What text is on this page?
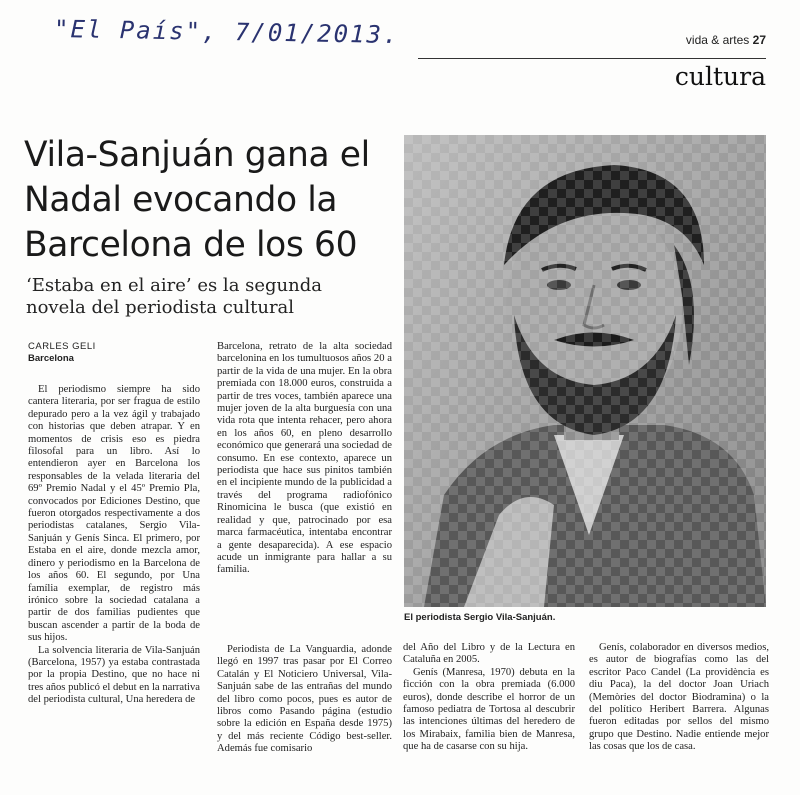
"El País", 7/01/2013.	vida & artes 27
cultura
Vila-Sanjuán gana el Nadal evocando la Barcelona de los 60

‘Estaba en el aire’ es la segunda novela del periodista cultural

CARLES GELI
Barcelona

El periodismo siempre ha sido cantera literaria, por ser fragua de estilo depurado pero a la vez ágil y trabajado con historias que deben atrapar. Y en momentos de crisis eso es piedra filosofal para un libro. Así lo entendieron ayer en Barcelona los responsables de la velada literaria del 69º Premio Nadal y el 45º Premio Pla, convocados por Ediciones Destino, que fueron otorgados respectivamente a dos periodistas catalanes, Sergio Vila-Sanjuán y Genís Sinca. El primero, por Estaba en el aire, donde mezcla amor, dinero y periodismo en la Barcelona de los años 60. El segundo, por Una família exemplar, de registro más irónico sobre la sociedad catalana a partir de dos familias pudientes que buscan ascender a partir de la boda de sus hijos.

La solvencia literaria de Vila-Sanjuán (Barcelona, 1957) ya estaba contrastada por la propia Destino, que no hace ni tres años publicó el debut en la narrativa del periodista cultural, Una heredera de

Barcelona, retrato de la alta sociedad barcelonina en los tumultuosos años 20 a partir de la vida de una mujer. En la obra premiada con 18.000 euros, construida a partir de tres voces, también aparece una mujer joven de la alta burguesía con una vida rota que intenta rehacer, pero ahora en los años 60, en pleno desarrollo económico que generará una sociedad de consumo. En ese contexto, aparece un periodista que hace sus pinitos también en el incipiente mundo de la publicidad a través del programa radiofónico Rinomicina le busca (que existió en realidad y que, patrocinado por esa marca farmacéutica, intentaba encontrar a gente desaparecida). A ese espacio acude un inmigrante para hallar a su familia.

Periodista de La Vanguardia, adonde llegó en 1997 tras pasar por El Correo Catalán y El Noticiero Universal, Vila-Sanjuán sabe de las entrañas del mundo del libro como pocos, pues es autor de libros como Pasando página (estudio sobre la edición en España desde 1975) y del más reciente Código best-seller. Además fue comisario

El periodista Sergio Vila-Sanjuán.

del Año del Libro y de la Lectura en Cataluña en 2005.

Genís (Manresa, 1970) debuta en la ficción con la obra premiada (6.000 euros), donde describe el horror de un famoso pediatra de Tortosa al descubrir las intenciones últimas del heredero de los Mirabaix, familia bien de Manresa, que ha de casarse con su hija.

Genís, colaborador en diversos medios, es autor de biografías como las del escritor Paco Candel (La providència es diu Paca), la del doctor Joan Uriach (Memòries del doctor Biodramina) o la del político Heribert Barrera. Algunas fueron editadas por sellos del mismo grupo que Destino. Nadie entiende mejor las cosas que los de casa.
